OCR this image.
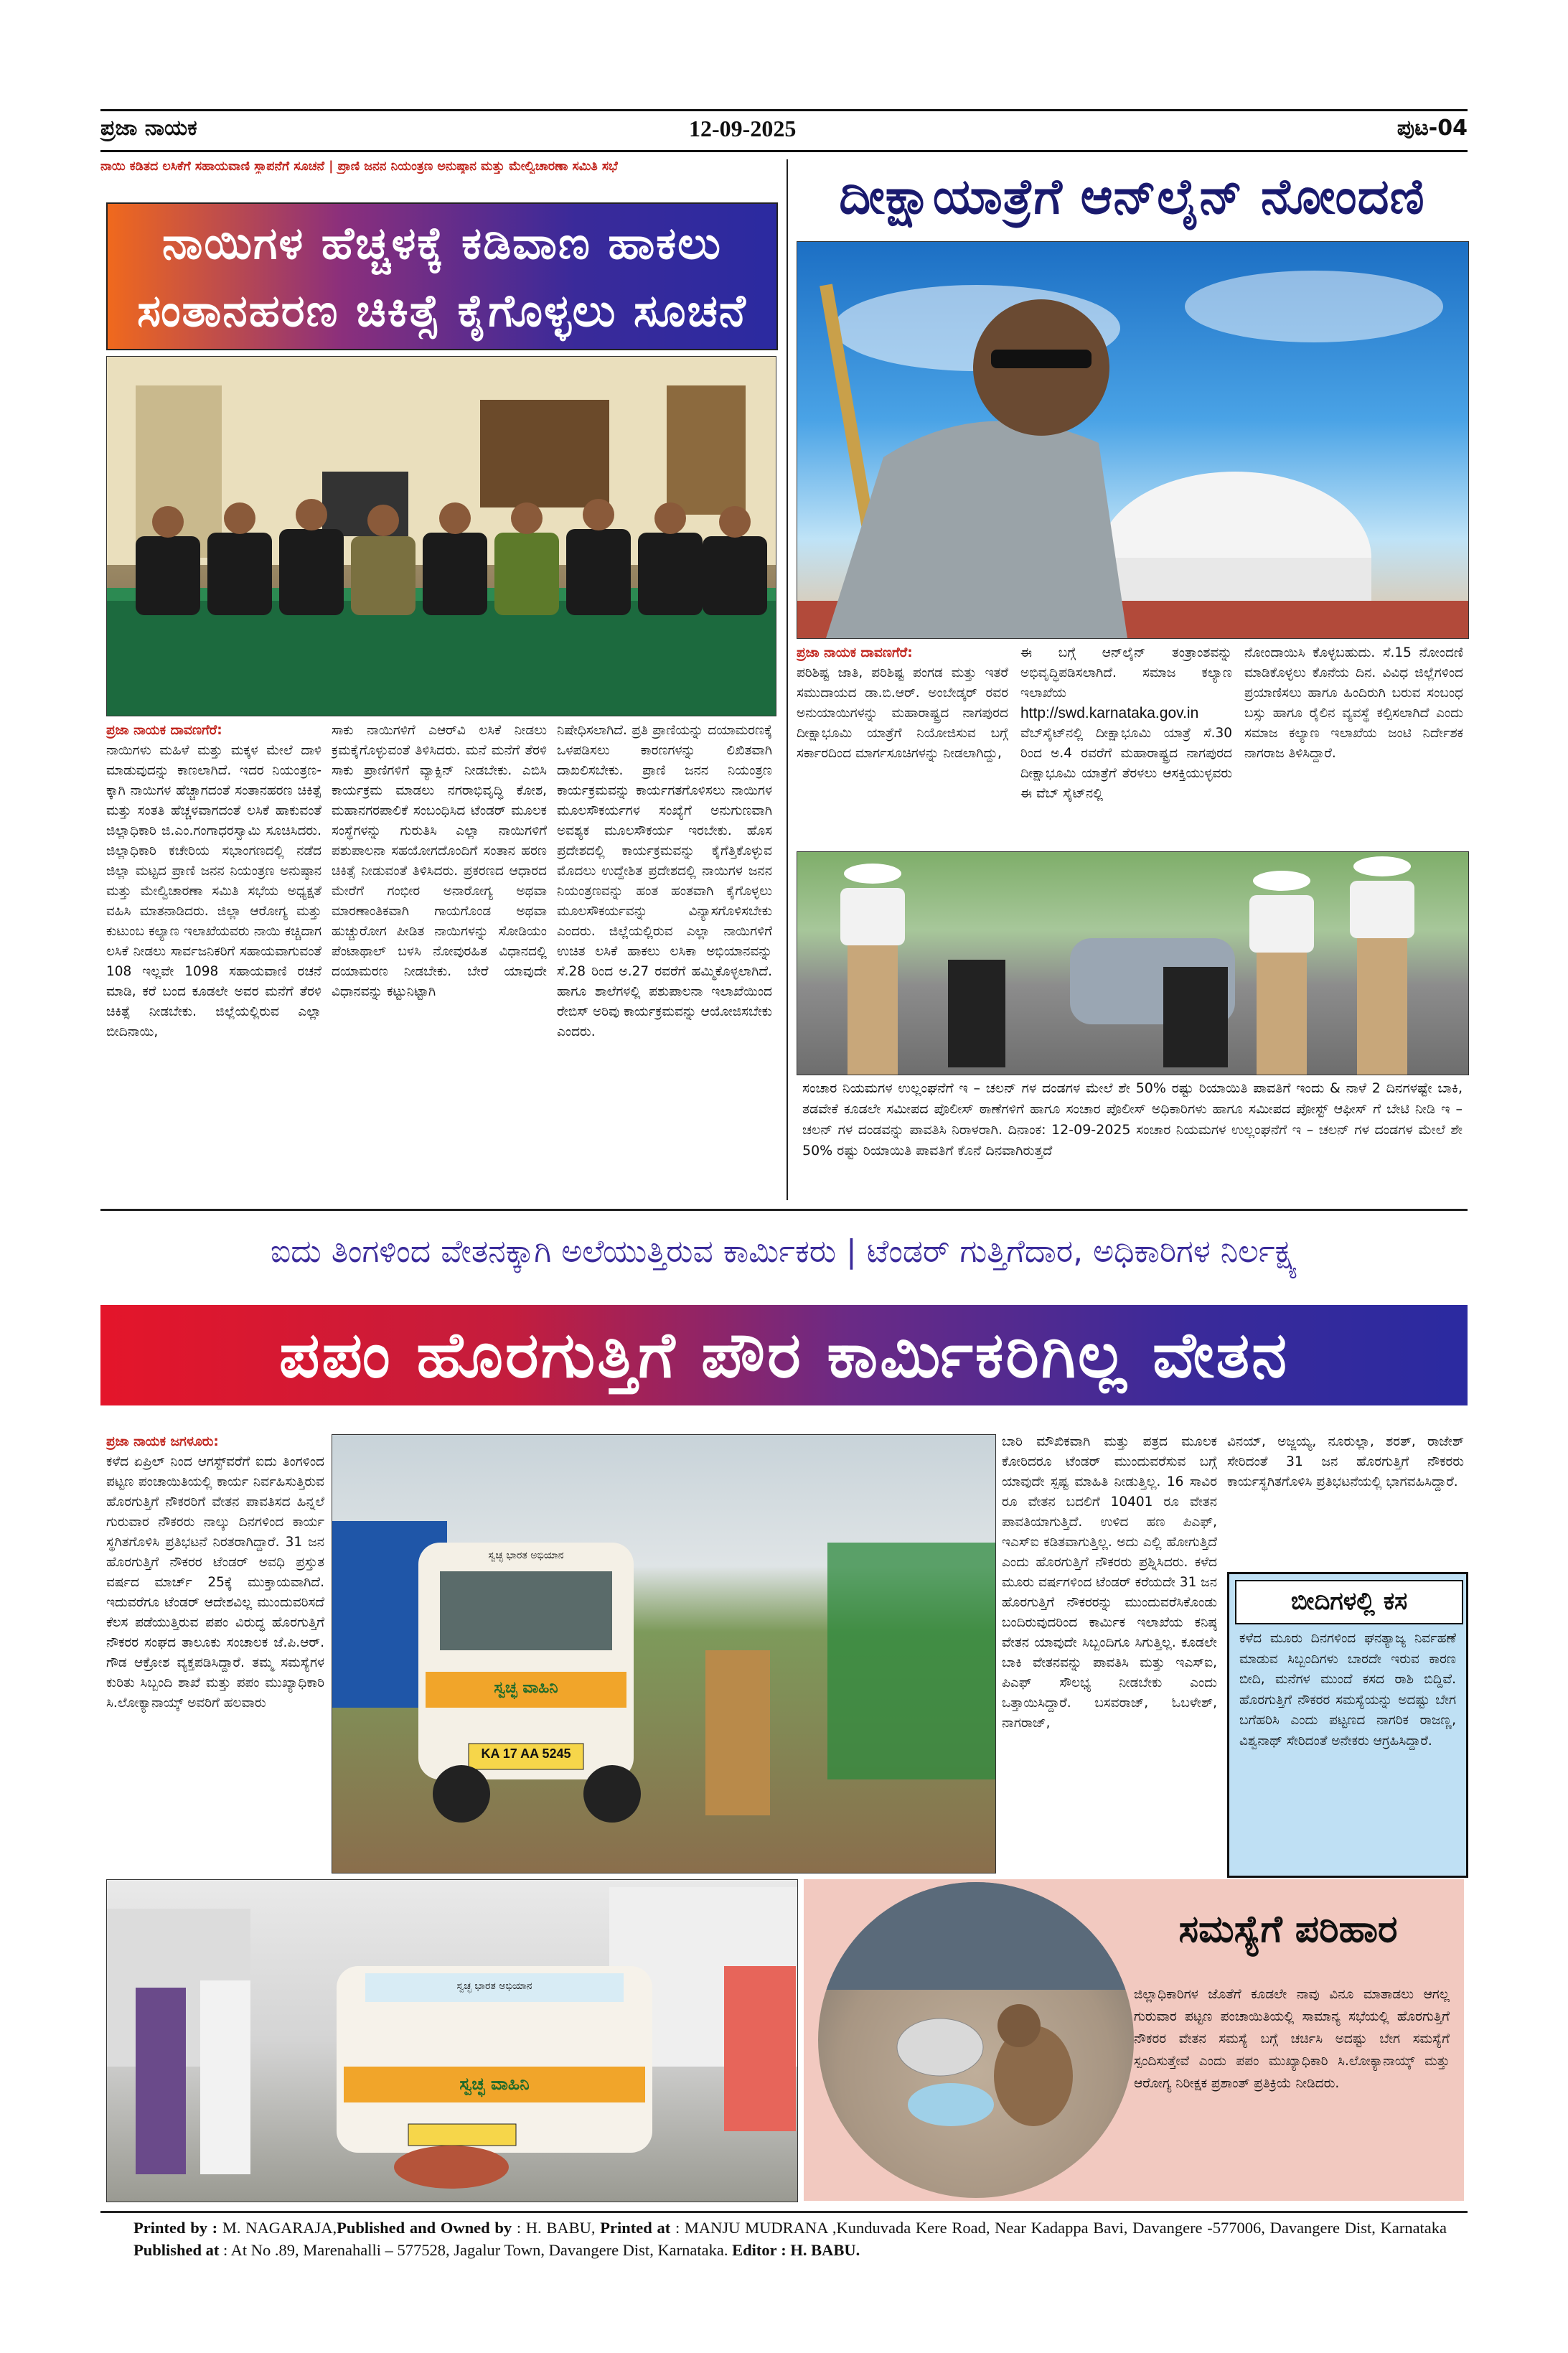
ಪ್ರಜಾ ನಾಯಕ	12-09-2025	ಪುಟ-04
ನಾಯಿ ಕಡಿತದ ಲಸಿಕೆಗೆ ಸಹಾಯವಾಣಿ ಸ್ಥಾಪನೆಗೆ ಸೂಚನೆ | ಪ್ರಾಣಿ ಜನನ ನಿಯಂತ್ರಣ ಅನುಷ್ಠಾನ ಮತ್ತು ಮೇಲ್ವಿಚಾರಣಾ ಸಮಿತಿ ಸಭೆ
ನಾಯಿಗಳ ಹೆಚ್ಚಳಕ್ಕೆ ಕಡಿವಾಣ ಹಾಕಲು
ಸಂತಾನಹರಣ ಚಿಕಿತ್ಸೆ ಕೈಗೊಳ್ಳಲು ಸೂಚನೆ

ಪ್ರಜಾ ನಾಯಕ ದಾವಣಗೆರೆ:

ನಾಯಿಗಳು ಮಹಿಳೆ ಮತ್ತು ಮಕ್ಕಳ ಮೇಲೆ ದಾಳಿ ಮಾಡುವುದನ್ನು ಕಾಣಲಾಗಿದೆ. ಇದರ ನಿಯಂತ್ರಣ-ಕ್ಕಾಗಿ ನಾಯಿಗಳ ಹೆಚ್ಚಾಗದಂತೆ ಸಂತಾನಹರಣ ಚಿಕಿತ್ಸೆ ಮತ್ತು ಸಂತತಿ ಹೆಚ್ಚಳವಾಗದಂತೆ ಲಸಿಕೆ ಹಾಕುವಂತೆ ಜಿಲ್ಲಾಧಿಕಾರಿ ಜಿ.ಎಂ.ಗಂಗಾಧರಸ್ವಾಮಿ ಸೂಚಿಸಿದರು. ಜಿಲ್ಲಾಧಿಕಾರಿ ಕಚೇರಿಯ ಸಭಾಂಗಣದಲ್ಲಿ ನಡೆದ ಜಿಲ್ಲಾ ಮಟ್ಟದ ಪ್ರಾಣಿ ಜನನ ನಿಯಂತ್ರಣ ಅನುಷ್ಠಾನ ಮತ್ತು ಮೇಲ್ವಿಚಾರಣಾ ಸಮಿತಿ ಸಭೆಯ ಅಧ್ಯಕ್ಷತೆ ವಹಿಸಿ ಮಾತನಾಡಿದರು. ಜಿಲ್ಲಾ ಆರೋಗ್ಯ ಮತ್ತು ಕುಟುಂಬ ಕಲ್ಯಾಣ ಇಲಾಖೆಯವರು ನಾಯಿ ಕಚ್ಚಿದಾಗ ಲಸಿಕೆ ನೀಡಲು ಸಾರ್ವಜನಿಕರಿಗೆ ಸಹಾಯವಾಗುವಂತೆ 108 ಇಲ್ಲವೇ 1098 ಸಹಾಯವಾಣಿ ರಚನೆ ಮಾಡಿ, ಕರೆ ಬಂದ ಕೂಡಲೇ ಅವರ ಮನೆಗೆ ತೆರಳಿ ಚಿಕಿತ್ಸೆ ನೀಡಬೇಕು. ಜಿಲ್ಲೆಯಲ್ಲಿರುವ ಎಲ್ಲಾ ಬೀದಿನಾಯಿ,

ಸಾಕು ನಾಯಿಗಳಿಗೆ ಎಆರ್‌ವಿ ಲಸಿಕೆ ನೀಡಲು ಕ್ರಮಕೈಗೊಳ್ಳುವಂತೆ ತಿಳಿಸಿದರು. ಮನೆ ಮನೆಗೆ ತೆರಳಿ ಸಾಕು ಪ್ರಾಣಿಗಳಿಗೆ ವ್ಯಾಕ್ಸಿನ್ ನೀಡಬೇಕು. ಎಬಿಸಿ ಕಾರ್ಯಕ್ರಮ ಮಾಡಲು ನಗರಾಭಿವೃದ್ಧಿ ಕೋಶ, ಮಹಾನಗರಪಾಲಿಕೆ ಸಂಬಂಧಿಸಿದ ಟೆಂಡರ್ ಮೂಲಕ ಸಂಸ್ಥೆಗಳನ್ನು ಗುರುತಿಸಿ ಎಲ್ಲಾ ನಾಯಿಗಳಿಗೆ ಪಶುಪಾಲನಾ ಸಹಯೋಗದೊಂದಿಗೆ ಸಂತಾನ ಹರಣ ಚಿಕಿತ್ಸೆ ನೀಡುವಂತೆ ತಿಳಿಸಿದರು. ಪ್ರಕರಣದ ಆಧಾರದ ಮೇರೆಗೆ ಗಂಭೀರ ಅನಾರೋಗ್ಯ ಅಥವಾ ಮಾರಣಾಂತಿಕವಾಗಿ ಗಾಯಗೊಂಡ ಅಥವಾ ಹುಚ್ಚುರೋಗ ಪೀಡಿತ ನಾಯಿಗಳನ್ನು ಸೋಡಿಯಂ ಪೆಂಟಾಥಾಲ್ ಬಳಸಿ ನೋವುರಹಿತ ವಿಧಾನದಲ್ಲಿ ದಯಾಮರಣ ನೀಡಬೇಕು. ಬೇರೆ ಯಾವುದೇ ವಿಧಾನವನ್ನು ಕಟ್ಟುನಿಟ್ಟಾಗಿ

ನಿಷೇಧಿಸಲಾಗಿದೆ. ಪ್ರತಿ ಪ್ರಾಣಿಯನ್ನು ದಯಾಮರಣಕ್ಕೆ ಒಳಪಡಿಸಲು ಕಾರಣಗಳನ್ನು ಲಿಖಿತವಾಗಿ ದಾಖಲಿಸಬೇಕು. ಪ್ರಾಣಿ ಜನನ ನಿಯಂತ್ರಣ ಕಾರ್ಯಕ್ರಮವನ್ನು ಕಾರ್ಯಗತಗೊಳಿಸಲು ನಾಯಿಗಳ ಮೂಲಸೌಕರ್ಯಗಳ ಸಂಖ್ಯೆಗೆ ಅನುಗುಣವಾಗಿ ಅವಶ್ಯಕ ಮೂಲಸೌಕರ್ಯ ಇರಬೇಕು. ಹೊಸ ಪ್ರದೇಶದಲ್ಲಿ ಕಾರ್ಯಕ್ರಮವನ್ನು ಕೈಗೆತ್ತಿಕೊಳ್ಳುವ ಮೊದಲು ಉದ್ದೇಶಿತ ಪ್ರದೇಶದಲ್ಲಿ ನಾಯಿಗಳ ಜನನ ನಿಯಂತ್ರಣವನ್ನು ಹಂತ ಹಂತವಾಗಿ ಕೈಗೊಳ್ಳಲು ಮೂಲಸೌಕರ್ಯವನ್ನು ವಿನ್ಯಾಸಗೊಳಿಸಬೇಕು ಎಂದರು. ಜಿಲ್ಲೆಯಲ್ಲಿರುವ ಎಲ್ಲಾ ನಾಯಿಗಳಿಗೆ ಉಚಿತ ಲಸಿಕೆ ಹಾಕಲು ಲಸಿಕಾ ಅಭಿಯಾನವನ್ನು ಸೆ.28 ರಿಂದ ಅ.27 ರವರೆಗೆ ಹಮ್ಮಿಕೊಳ್ಳಲಾಗಿದೆ. ಹಾಗೂ ಶಾಲೆಗಳಲ್ಲಿ ಪಶುಪಾಲನಾ ಇಲಾಖೆಯಿಂದ ರೇಬಿಸ್ ಅರಿವು ಕಾರ್ಯಕ್ರಮವನ್ನು ಆಯೋಜಿಸಬೇಕು ಎಂದರು.

ದೀಕ್ಷಾಯಾತ್ರೆಗೆ ಆನ್‌ಲೈನ್ ನೋಂದಣಿ

ಪ್ರಜಾ ನಾಯಕ ದಾವಣಗೆರೆ:

ಪರಿಶಿಷ್ಟ ಜಾತಿ, ಪರಿಶಿಷ್ಟ ಪಂಗಡ ಮತ್ತು ಇತರೆ ಸಮುದಾಯದ ಡಾ.ಬಿ.ಆರ್. ಅಂಬೇಡ್ಕರ್ ರವರ ಅನುಯಾಯಿಗಳನ್ನು ಮಹಾರಾಷ್ಟ್ರದ ನಾಗಪುರದ ದೀಕ್ಷಾಭೂಮಿ ಯಾತ್ರೆಗೆ ನಿಯೋಜಿಸುವ ಬಗ್ಗೆ ಸರ್ಕಾರದಿಂದ ಮಾರ್ಗಸೂಚಿಗಳನ್ನು ನೀಡಲಾಗಿದ್ದು,

ಈ ಬಗ್ಗೆ ಆನ್‌ಲೈನ್ ತಂತ್ರಾಂಶವನ್ನು ಅಭಿವೃದ್ಧಿಪಡಿಸಲಾಗಿದೆ. ಸಮಾಜ ಕಲ್ಯಾಣ ಇಲಾಖೆಯ

http://swd.karnataka.gov.in

ವೆಬ್‌ಸೈಟ್‌ನಲ್ಲಿ ದೀಕ್ಷಾಭೂಮಿ ಯಾತ್ರೆ ಸೆ.30 ರಿಂದ ಅ.4 ರವರೆಗೆ ಮಹಾರಾಷ್ಟ್ರದ ನಾಗಪುರದ ದೀಕ್ಷಾಭೂಮಿ ಯಾತ್ರೆಗೆ ತೆರಳಲು ಆಸಕ್ತಿಯುಳ್ಳವರು ಈ ವೆಬ್ ಸೈಟ್‌ನಲ್ಲಿ

ನೋಂದಾಯಿಸಿ ಕೊಳ್ಳಬಹುದು. ಸೆ.15 ನೋಂದಣಿ ಮಾಡಿಕೊಳ್ಳಲು ಕೊನೆಯ ದಿನ. ವಿವಿಧ ಜಿಲ್ಲೆಗಳಿಂದ ಪ್ರಯಾಣಿಸಲು ಹಾಗೂ ಹಿಂದಿರುಗಿ ಬರುವ ಸಂಬಂಧ ಬಸ್ಸು ಹಾಗೂ ರೈಲಿನ ವ್ಯವಸ್ಥೆ ಕಲ್ಪಿಸಲಾಗಿದೆ ಎಂದು ಸಮಾಜ ಕಲ್ಯಾಣ ಇಲಾಖೆಯ ಜಂಟಿ ನಿರ್ದೇಶಕ ನಾಗರಾಜ ತಿಳಿಸಿದ್ದಾರೆ.

ಸಂಚಾರ ನಿಯಮಗಳ ಉಲ್ಲಂಘನೆಗೆ ಇ – ಚಲನ್ ಗಳ ದಂಡಗಳ ಮೇಲೆ ಶೇ 50% ರಷ್ಟು ರಿಯಾಯಿತಿ ಪಾವತಿಗೆ ಇಂದು & ನಾಳೆ 2 ದಿನಗಳಷ್ಟೇ ಬಾಕಿ, ತಡವೇಕೆ ಕೂಡಲೇ ಸಮೀಪದ ಪೊಲೀಸ್ ಠಾಣೆಗಳಿಗೆ ಹಾಗೂ ಸಂಚಾರ ಪೊಲೀಸ್ ಅಧಿಕಾರಿಗಳು ಹಾಗೂ ಸಮೀಪದ ಪೋಸ್ಟ್ ಆಫೀಸ್ ಗೆ ಬೇಟಿ ನೀಡಿ ಇ – ಚಲನ್ ಗಳ ದಂಡವನ್ನು ಪಾವತಿಸಿ ನಿರಾಳರಾಗಿ. ದಿನಾಂಕ: 12-09-2025 ಸಂಚಾರ ನಿಯಮಗಳ ಉಲ್ಲಂಘನೆಗೆ ಇ – ಚಲನ್ ಗಳ ದಂಡಗಳ ಮೇಲೆ ಶೇ 50% ರಷ್ಟು ರಿಯಾಯಿತಿ ಪಾವತಿಗೆ ಕೊನೆ ದಿನವಾಗಿರುತ್ತದೆ
ಐದು ತಿಂಗಳಿಂದ ವೇತನಕ್ಕಾಗಿ ಅಲೆಯುತ್ತಿರುವ ಕಾರ್ಮಿಕರು | ಟೆಂಡರ್ ಗುತ್ತಿಗೆದಾರ, ಅಧಿಕಾರಿಗಳ ನಿರ್ಲಕ್ಷ್ಯ
ಪಪಂ ಹೊರಗುತ್ತಿಗೆ ಪೌರ ಕಾರ್ಮಿಕರಿಗಿಲ್ಲ ವೇತನ

ಪ್ರಜಾ ನಾಯಕ ಜಗಳೂರು:

ಕಳೆದ ಏಪ್ರಿಲ್ ನಿಂದ ಆಗಸ್ಟ್‌ವರೆಗೆ ಐದು ತಿಂಗಳಿಂದ ಪಟ್ಟಣ ಪಂಚಾಯಿತಿಯಲ್ಲಿ ಕಾರ್ಯ ನಿರ್ವಹಿಸುತ್ತಿರುವ ಹೊರಗುತ್ತಿಗೆ ನೌಕರರಿಗೆ ವೇತನ ಪಾವತಿಸದ ಹಿನ್ನಲೆ ಗುರುವಾರ ನೌಕರರು ನಾಲ್ಕು ದಿನಗಳಿಂದ ಕಾರ್ಯ ಸ್ಥಗಿತಗೊಳಿಸಿ ಪ್ರತಿಭಟನೆ ನಿರತರಾಗಿದ್ದಾರೆ. 31 ಜನ ಹೊರಗುತ್ತಿಗೆ ನೌಕರರ ಟೆಂಡರ್ ಅವಧಿ ಪ್ರಸ್ತುತ ವರ್ಷದ ಮಾರ್ಚ್ 25ಕ್ಕೆ ಮುಕ್ತಾಯವಾಗಿದೆ. ಇದುವರೆಗೂ ಟೆಂಡರ್ ಆದೇಶವಿಲ್ಲ ಮುಂದುವರಿಸದೆ ಕೆಲಸ ಪಡೆಯುತ್ತಿರುವ ಪಪಂ ವಿರುದ್ಧ ಹೊರಗುತ್ತಿಗೆ ನೌಕರರ ಸಂಘದ ತಾಲೂಕು ಸಂಚಾಲಕ ಜೆ.ಪಿ.ಆರ್. ಗೌಡ ಆಕ್ರೋಶ ವ್ಯಕ್ತಪಡಿಸಿದ್ದಾರೆ. ತಮ್ಮ ಸಮಸ್ಯೆಗಳ ಕುರಿತು ಸಿಬ್ಬಂದಿ ಶಾಖೆ ಮತ್ತು ಪಪಂ ಮುಖ್ಯಾಧಿಕಾರಿ ಸಿ.ಲೋಕ್ಯಾನಾಯ್ಕ್ ಅವರಿಗೆ ಹಲವಾರು

ಸ್ವಚ್ಛ ಭಾರತ ಅಭಿಯಾನ
ಸ್ವಚ್ಛ ವಾಹಿನಿ
KA 17 AA 5245

ಬಾರಿ ಮೌಖಿಕವಾಗಿ ಮತ್ತು ಪತ್ರದ ಮೂಲಕ ಕೋರಿದರೂ ಟೆಂಡರ್ ಮುಂದುವರೆಸುವ ಬಗ್ಗೆ ಯಾವುದೇ ಸ್ಪಷ್ಟ ಮಾಹಿತಿ ನೀಡುತ್ತಿಲ್ಲ. 16 ಸಾವಿರ ರೂ ವೇತನ ಬದಲಿಗೆ 10401 ರೂ ವೇತನ ಪಾವತಿಯಾಗುತ್ತಿದೆ. ಉಳಿದ ಹಣ ಪಿಎಫ್, ಇಎಸ್‌ಐ ಕಡಿತವಾಗುತ್ತಿಲ್ಲ. ಅದು ಎಲ್ಲಿ ಹೋಗುತ್ತಿದೆ ಎಂದು ಹೊರಗುತ್ತಿಗೆ ನೌಕರರು ಪ್ರಶ್ನಿಸಿದರು. ಕಳೆದ ಮೂರು ವರ್ಷಗಳಿಂದ ಟೆಂಡರ್ ಕರೆಯದೇ 31 ಜನ ಹೊರಗುತ್ತಿಗೆ ನೌಕರರನ್ನು ಮುಂದುವರೆಸಿಕೊಂಡು ಬಂದಿರುವುದರಿಂದ ಕಾರ್ಮಿಕ ಇಲಾಖೆಯ ಕನಿಷ್ಠ ವೇತನ ಯಾವುದೇ ಸಿಬ್ಬಂದಿಗೂ ಸಿಗುತ್ತಿಲ್ಲ. ಕೂಡಲೇ ಬಾಕಿ ವೇತನವನ್ನು ಪಾವತಿಸಿ ಮತ್ತು ಇಎಸ್‌ಐ, ಪಿಎಫ್ ಸೌಲಭ್ಯ ನೀಡಬೇಕು ಎಂದು ಒತ್ತಾಯಿಸಿದ್ದಾರೆ. ಬಸವರಾಜ್, ಓಬಳೇಶ್, ನಾಗರಾಜ್,

ವಿನಯ್, ಅಜ್ಜಯ್ಯ, ನೂರುಲ್ಲಾ, ಶರತ್, ರಾಜೇಶ್ ಸೇರಿದಂತೆ 31 ಜನ ಹೊರಗುತ್ತಿಗೆ ನೌಕರರು ಕಾರ್ಯಸ್ಥಗಿತಗೊಳಿಸಿ ಪ್ರತಿಭಟನೆಯಲ್ಲಿ ಭಾಗವಹಿಸಿದ್ದಾರೆ.

ಬೀದಿಗಳಲ್ಲಿ ಕಸ
ಕಳೆದ ಮೂರು ದಿನಗಳಿಂದ ಘನತ್ಯಾಜ್ಯ ನಿರ್ವಹಣೆ ಮಾಡುವ ಸಿಬ್ಬಂದಿಗಳು ಬಾರದೇ ಇರುವ ಕಾರಣ ಬೀದಿ, ಮನೆಗಳ ಮುಂದೆ ಕಸದ ರಾಶಿ ಬಿದ್ದಿವೆ. ಹೊರಗುತ್ತಿಗೆ ನೌಕರರ ಸಮಸ್ಯೆಯನ್ನು ಅದಷ್ಟು ಬೇಗ ಬಗೆಹರಿಸಿ ಎಂದು ಪಟ್ಟಣದ ನಾಗರಿಕ ರಾಜಣ್ಣ, ವಿಶ್ವನಾಥ್ ಸೇರಿದಂತೆ ಅನೇಕರು ಆಗ್ರಹಿಸಿದ್ದಾರೆ.
ಸ್ವಚ್ಛ ಭಾರತ ಅಭಿಯಾನ
ಸ್ವಚ್ಛ ವಾಹಿನಿ
ಸಮಸ್ಯೆಗೆ ಪರಿಹಾರ
ಜಿಲ್ಲಾಧಿಕಾರಿಗಳ ಜೊತೆಗೆ ಕೂಡಲೇ ನಾವು ವಿನೂ ಮಾತಾಡಲು ಆಗಲ್ಲ ಗುರುವಾರ ಪಟ್ಟಣ ಪಂಚಾಯಿತಿಯಲ್ಲಿ ಸಾಮಾನ್ಯ ಸಭೆಯಲ್ಲಿ ಹೊರಗುತ್ತಿಗೆ ನೌಕರರ ವೇತನ ಸಮಸ್ಯೆ ಬಗ್ಗೆ ಚರ್ಚಿಸಿ ಅದಷ್ಟು ಬೇಗ ಸಮಸ್ಯೆಗೆ ಸ್ಪಂದಿಸುತ್ತೇವೆ ಎಂದು ಪಪಂ ಮುಖ್ಯಾಧಿಕಾರಿ ಸಿ.ಲೋಕ್ಯಾನಾಯ್ಕ್ ಮತ್ತು ಆರೋಗ್ಯ ನಿರೀಕ್ಷಕ ಪ್ರಶಾಂತ್ ಪ್ರತಿಕ್ರಿಯೆ ನೀಡಿದರು.
Printed by : M. NAGARAJA,Published and Owned by : H. BABU, Printed at : MANJU MUDRANA ,Kunduvada Kere Road, Near Kadappa Bavi, Davangere -577006, Davangere Dist, Karnataka Published at : At No .89, Marenahalli – 577528, Jagalur Town, Davangere Dist, Karnataka. Editor : H. BABU.
